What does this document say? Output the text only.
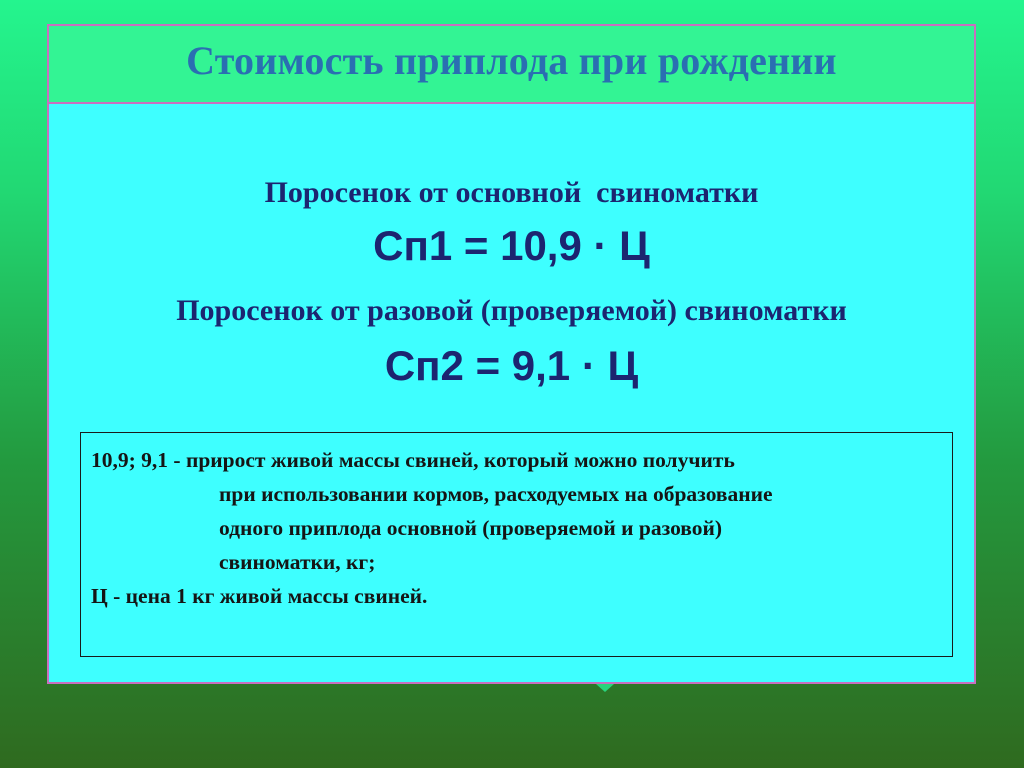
Стоимость приплода при рождении
Поросенок от основной  свиноматки
Сп1 = 10,9 · Ц
Поросенок от разовой (проверяемой) свиноматки
Сп2 = 9,1 · Ц
10,9; 9,1 - прирост живой массы свиней, который можно получить
при использовании кормов, расходуемых на образование
одного приплода основной (проверяемой и разовой)
свиноматки, кг;
Ц - цена 1 кг живой массы свиней.
